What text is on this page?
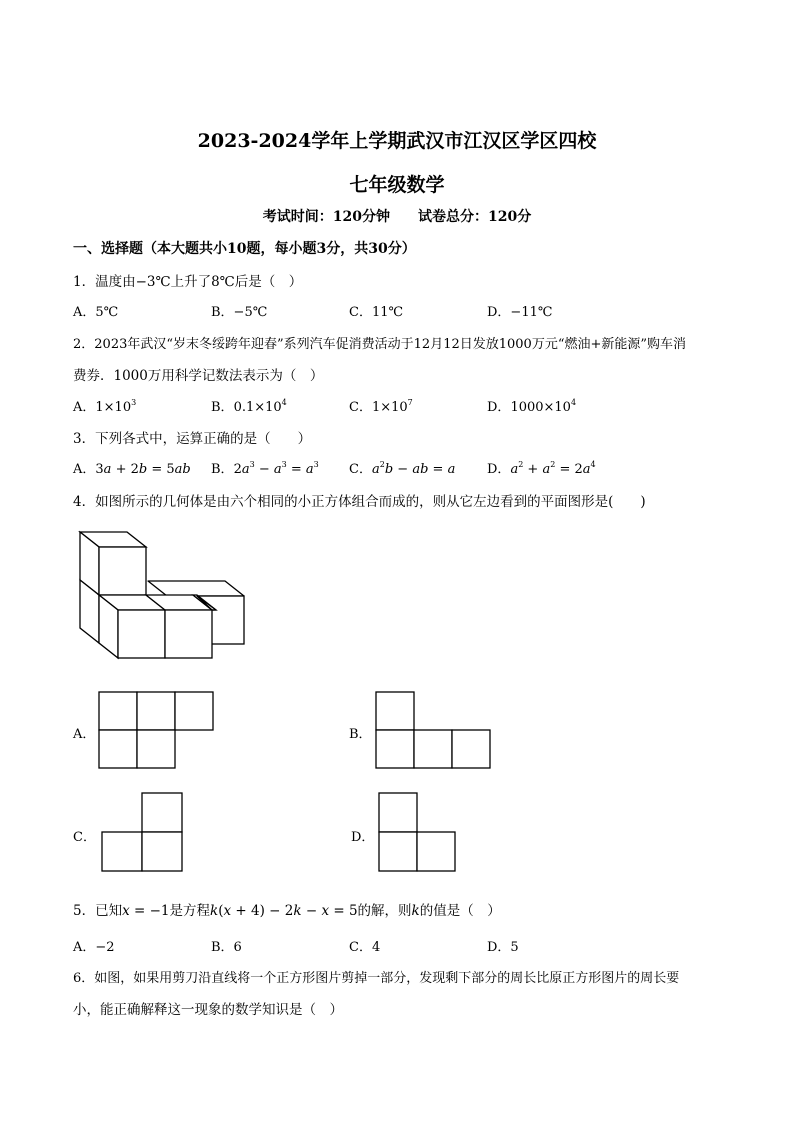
2023-2024学年上学期武汉市江汉区学区四校
七年级数学
考试时间：120分钟　　试卷总分：120分
一、选择题（本大题共小10题，每小题3分，共30分）
1．温度由−3℃上升了8℃后是（　）
A．5℃	B．−5℃	C．11℃	D．−11℃
2．2023年武汉“岁末冬绥跨年迎春”系列汽车促消费活动于12月12日发放1000万元“燃油+新能源”购车消
费券．1000万用科学记数法表示为（　）
A．$1\times 10^3$	B．$0.1\times 10^4$	C．$1\times 10^7$	D．$1000\times 10^4$
3．下列各式中，运算正确的是（　　）
A．3a + 2b = 5ab B．$2a^3 - a^3 = a^3$ C．$a^2b$ − ab = a D．$a^2 + a^2 = 2a^4$
4．如图所示的几何体是由六个相同的小正方体组合而成的，则从它左边看到的平面图形是(　　)
A．	B．
C．	D．
5．已知x = −1是方程k(x + 4) − 2k − x = 5的解，则k的值是（　）
A．−2	B．6	C．4	D．5
6．如图，如果用剪刀沿直线将一个正方形图片剪掉一部分，发现剩下部分的周长比原正方形图片的周长要
小，能正确解释这一现象的数学知识是（　）
